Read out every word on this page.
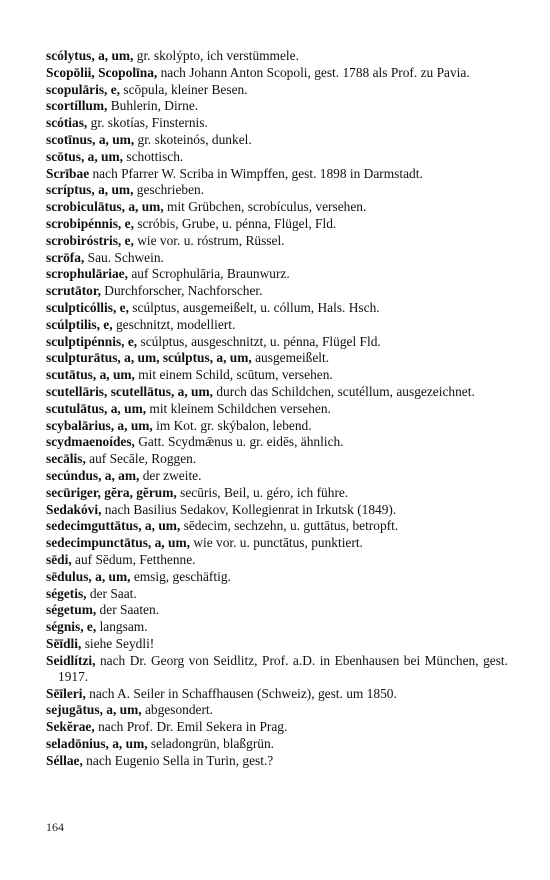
scólytus, a, um, gr. skolýpto, ich verstümmele.

Scopōlii, Scopolīna, nach Johann Anton Scopoli, gest. 1788 als Prof. zu Pavia.

scopulāris, e, scōpula, kleiner Besen.

scortíllum, Buhlerin, Dirne.

scótias, gr. skotías, Finsternis.

scotīnus, a, um, gr. skoteinós, dunkel.

scōtus, a, um, schottisch.

Scrībae nach Pfarrer W. Scriba in Wimpffen, gest. 1898 in Darmstadt.

scríptus, a, um, geschrieben.

scrobiculātus, a, um, mit Grübchen, scrobículus, versehen.

scrobipénnis, e, scróbis, Grube, u. pénna, Flügel, Fld.

scrobiróstris, e, wie vor. u. róstrum, Rüssel.

scrōfa, Sau. Schwein.

scrophulāriae, auf Scrophulāria, Braunwurz.

scrutātor, Durchforscher, Nachforscher.

sculpticóllis, e, scúlptus, ausgemeißelt, u. cóllum, Hals. Hsch.

scúlptilis, e, geschnitzt, modelliert.

sculptipénnis, e, scúlptus, ausgeschnitzt, u. pénna, Flügel Fld.

sculpturātus, a, um, scúlptus, a, um, ausgemeißelt.

scutātus, a, um, mit einem Schild, scūtum, versehen.

scutellāris, scutellātus, a, um, durch das Schildchen, scutéllum, ausgezeichnet.

scutulātus, a, um, mit kleinem Schildchen versehen.

scybalārius, a, um, im Kot. gr. skýbalon, lebend.

scydmaenoídes, Gatt. Scydmǣnus u. gr. eidēs, ähnlich.

secālis, auf Secāle, Roggen.

secúndus, a, am, der zweite.

secūriger, gĕra, gĕrum, secūris, Beil, u. géro, ich führe.

Sedakóvi, nach Basilius Sedakov, Kollegienrat in Irkutsk (1849).

sedecimguttātus, a, um, sēdecim, sechzehn, u. guttātus, betropft.

sedecimpunctātus, a, um, wie vor. u. punctātus, punktiert.

sēdi, auf Sēdum, Fetthenne.

sēdulus, a, um, emsig, geschäftig.

ségetis, der Saat.

ségetum, der Saaten.

ségnis, e, langsam.

Sēīdli, siehe Seydli!

Seidlítzi, nach Dr. Georg von Seidlitz, Prof. a.D. in Ebenhausen bei München, gest. 1917.

Sēīleri, nach A. Seiler in Schaffhausen (Schweiz), gest. um 1850.

sejugātus, a, um, abgesondert.

Sekĕrae, nach Prof. Dr. Emil Sekera in Prag.

seladōnius, a, um, seladongrün, blaßgrün.

Séllae, nach Eugenio Sella in Turin, gest.?

164
